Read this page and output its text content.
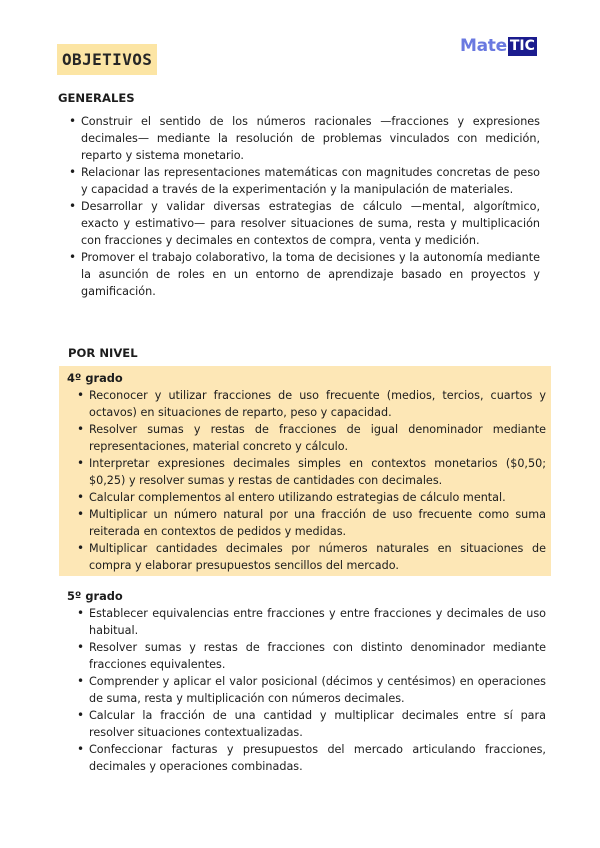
OBJETIVOS
Mate TIC
GENERALES
• Construir el sentido de los números racionales —fracciones y expresiones decimales— mediante la resolución de problemas vinculados con medición, reparto y sistema monetario.
• Relacionar las representaciones matemáticas con magnitudes concretas de peso y capacidad a través de la experimentación y la manipulación de materiales.
• Desarrollar y validar diversas estrategias de cálculo —mental, algorítmico, exacto y estimativo— para resolver situaciones de suma, resta y multiplicación con fracciones y decimales en contextos de compra, venta y medición.
• Promover el trabajo colaborativo, la toma de decisiones y la autonomía mediante la asunción de roles en un entorno de aprendizaje basado en proyectos y gamificación.
POR NIVEL
4º grado
• Reconocer y utilizar fracciones de uso frecuente (medios, tercios, cuartos y octavos) en situaciones de reparto, peso y capacidad.
• Resolver sumas y restas de fracciones de igual denominador mediante representaciones, material concreto y cálculo.
• Interpretar expresiones decimales simples en contextos monetarios ($0,50; $0,25) y resolver sumas y restas de cantidades con decimales.
• Calcular complementos al entero utilizando estrategias de cálculo mental.
• Multiplicar un número natural por una fracción de uso frecuente como suma reiterada en contextos de pedidos y medidas.
• Multiplicar cantidades decimales por números naturales en situaciones de compra y elaborar presupuestos sencillos del mercado.
5º grado
• Establecer equivalencias entre fracciones y entre fracciones y decimales de uso habitual.
• Resolver sumas y restas de fracciones con distinto denominador mediante fracciones equivalentes.
• Comprender y aplicar el valor posicional (décimos y centésimos) en operaciones de suma, resta y multiplicación con números decimales.
• Calcular la fracción de una cantidad y multiplicar decimales entre sí para resolver situaciones contextualizadas.
• Confeccionar facturas y presupuestos del mercado articulando fracciones, decimales y operaciones combinadas.
